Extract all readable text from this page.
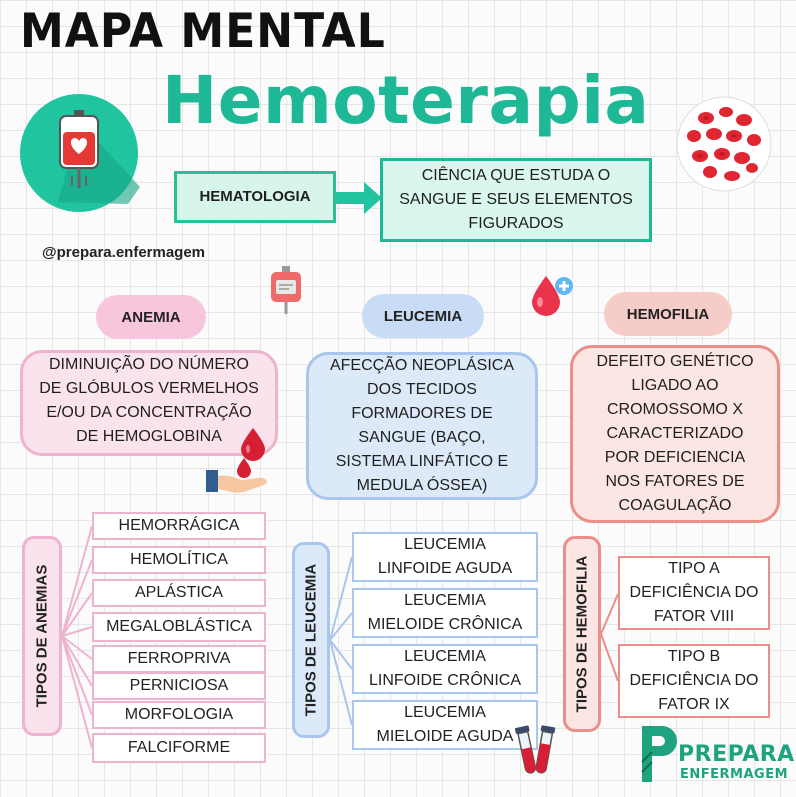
MAPA MENTAL
Hemoterapia
@prepara.enfermagem
HEMATOLOGIA
CIÊNCIA QUE ESTUDA O
SANGUE E SEUS ELEMENTOS
FIGURADOS
ANEMIA	LEUCEMIA	HEMOFILIA
DIMINUIÇÃO DO NÚMERO
DE GLÓBULOS VERMELHOS
E/OU DA CONCENTRAÇÃO
DE HEMOGLOBINA
AFECÇÃO NEOPLÁSICA
DOS TECIDOS
FORMADORES DE
SANGUE (BAÇO,
SISTEMA LINFÁTICO E
MEDULA ÓSSEA)
DEFEITO GENÉTICO
LIGADO AO
CROMOSSOMO X
CARACTERIZADO
POR DEFICIENCIA
NOS FATORES DE
COAGULAÇÃO
TIPOS DE ANEMIAS	TIPOS DE LEUCEMIA	TIPOS DE HEMOFILIA
HEMORRÁGICA
HEMOLÍTICA
APLÁSTICA
MEGALOBLÁSTICA
FERROPRIVA
PERNICIOSA
MORFOLOGIA
FALCIFORME
LEUCEMIA
LINFOIDE AGUDA
LEUCEMIA
MIELOIDE CRÔNICA
LEUCEMIA
LINFOIDE CRÔNICA
LEUCEMIA
MIELOIDE AGUDA
TIPO A
DEFICIÊNCIA DO
FATOR VIII
TIPO B
DEFICIÊNCIA DO
FATOR IX
PREPARA
ENFERMAGEM
